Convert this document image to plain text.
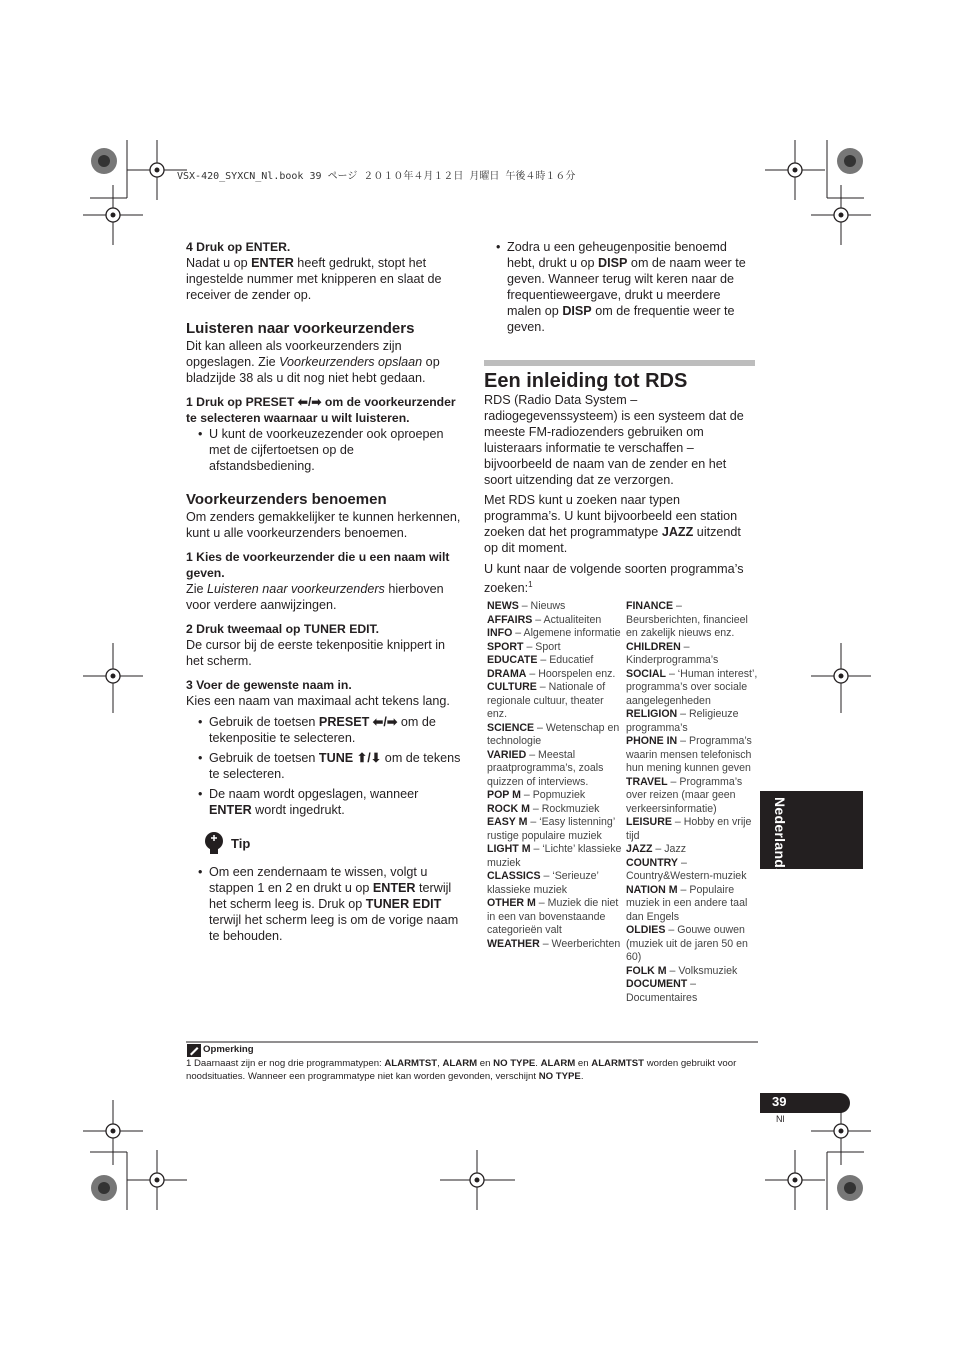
VSX-420_SYXCN_Nl.book 39 ページ ２０１０年４月１２日 月曜日 午後４時１６分

4 Druk op ENTER.

Nadat u op ENTER heeft gedrukt, stopt het ingestelde nummer met knipperen en slaat de receiver de zender op.

Luisteren naar voorkeurzenders

Dit kan alleen als voorkeurzenders zijn opgeslagen. Zie Voorkeurzenders opslaan op bladzijde 38 als u dit nog niet hebt gedaan.

1 Druk op PRESET ⬅/➡ om de voorkeurzender te selecteren waarnaar u wilt luisteren.

• U kunt de voorkeuzezender ook oproepen met de cijfertoetsen op de afstandsbediening.

Voorkeurzenders benoemen

Om zenders gemakkelijker te kunnen herkennen, kunt u alle voorkeurzenders benoemen.

1 Kies de voorkeurzender die u een naam wilt geven.

Zie Luisteren naar voorkeurzenders hierboven voor verdere aanwijzingen.

2 Druk tweemaal op TUNER EDIT.

De cursor bij de eerste tekenpositie knippert in het scherm.

3 Voer de gewenste naam in.

Kies een naam van maximaal acht tekens lang.

• Gebruik de toetsen PRESET ⬅/➡ om de tekenpositie te selecteren.

• Gebruik de toetsen TUNE ⬆/⬇ om de tekens te selecteren.

• De naam wordt opgeslagen, wanneer ENTER wordt ingedrukt.

Tip

• Om een zendernaam te wissen, volgt u stappen 1 en 2 en drukt u op ENTER terwijl het scherm leeg is. Druk op TUNER EDIT terwijl het scherm leeg is om de vorige naam te behouden.

• Zodra u een geheugenpositie benoemd hebt, drukt u op DISP om de naam weer te geven. Wanneer terug wilt keren naar de frequentieweergave, drukt u meerdere malen op DISP om de frequentie weer te geven.

Een inleiding tot RDS

RDS (Radio Data System – radiogegevenssysteem) is een systeem dat de meeste FM-radiozenders gebruiken om luisteraars informatie te verschaffen – bijvoorbeeld de naam van de zender en het soort uitzending dat ze verzorgen.

Met RDS kunt u zoeken naar typen programma’s. U kunt bijvoorbeeld een station zoeken dat het programmatype JAZZ uitzendt op dit moment.

U kunt naar de volgende soorten programma’s zoeken:$^1$

NEWS – Nieuws
AFFAIRS – Actualiteiten
INFO – Algemene informatie
SPORT – Sport
EDUCATE – Educatief
DRAMA – Hoorspelen enz.
CULTURE – Nationale of regionale cultuur, theater enz.
SCIENCE – Wetenschap en technologie
VARIED – Meestal praatprogramma’s, zoals quizzen of interviews.
POP M – Popmuziek
ROCK M – Rockmuziek
EASY M – ‘Easy listenning’ rustige populaire muziek
LIGHT M – ‘Lichte’ klassieke muziek
CLASSICS – ‘Serieuze’ klassieke muziek
OTHER M – Muziek die niet in een van bovenstaande categorieën valt
WEATHER – Weerberichten
FINANCE – Beursberichten, financieel en zakelijk nieuws enz.
CHILDREN – Kinderprogramma’s
SOCIAL – ‘Human interest’, programma’s over sociale aangelegenheden
RELIGION – Religieuze programma’s
PHONE IN – Programma’s waarin mensen telefonisch hun mening kunnen geven
TRAVEL – Programma’s over reizen (maar geen verkeersinformatie)
LEISURE – Hobby en vrije tijd
JAZZ – Jazz
COUNTRY – Country&Western-muziek
NATION M – Populaire muziek in een andere taal dan Engels
OLDIES – Gouwe ouwen (muziek uit de jaren 50 en 60)
FOLK M – Volksmuziek
DOCUMENT – Documentaires
Opmerking
1 Daarnaast zijn er nog drie programmatypen: ALARMTST, ALARM en NO TYPE. ALARM en ALARMTST worden gebruikt voor noodsituaties. Wanneer een programmatype niet kan worden gevonden, verschijnt NO TYPE.
Nederlands
39
Nl
